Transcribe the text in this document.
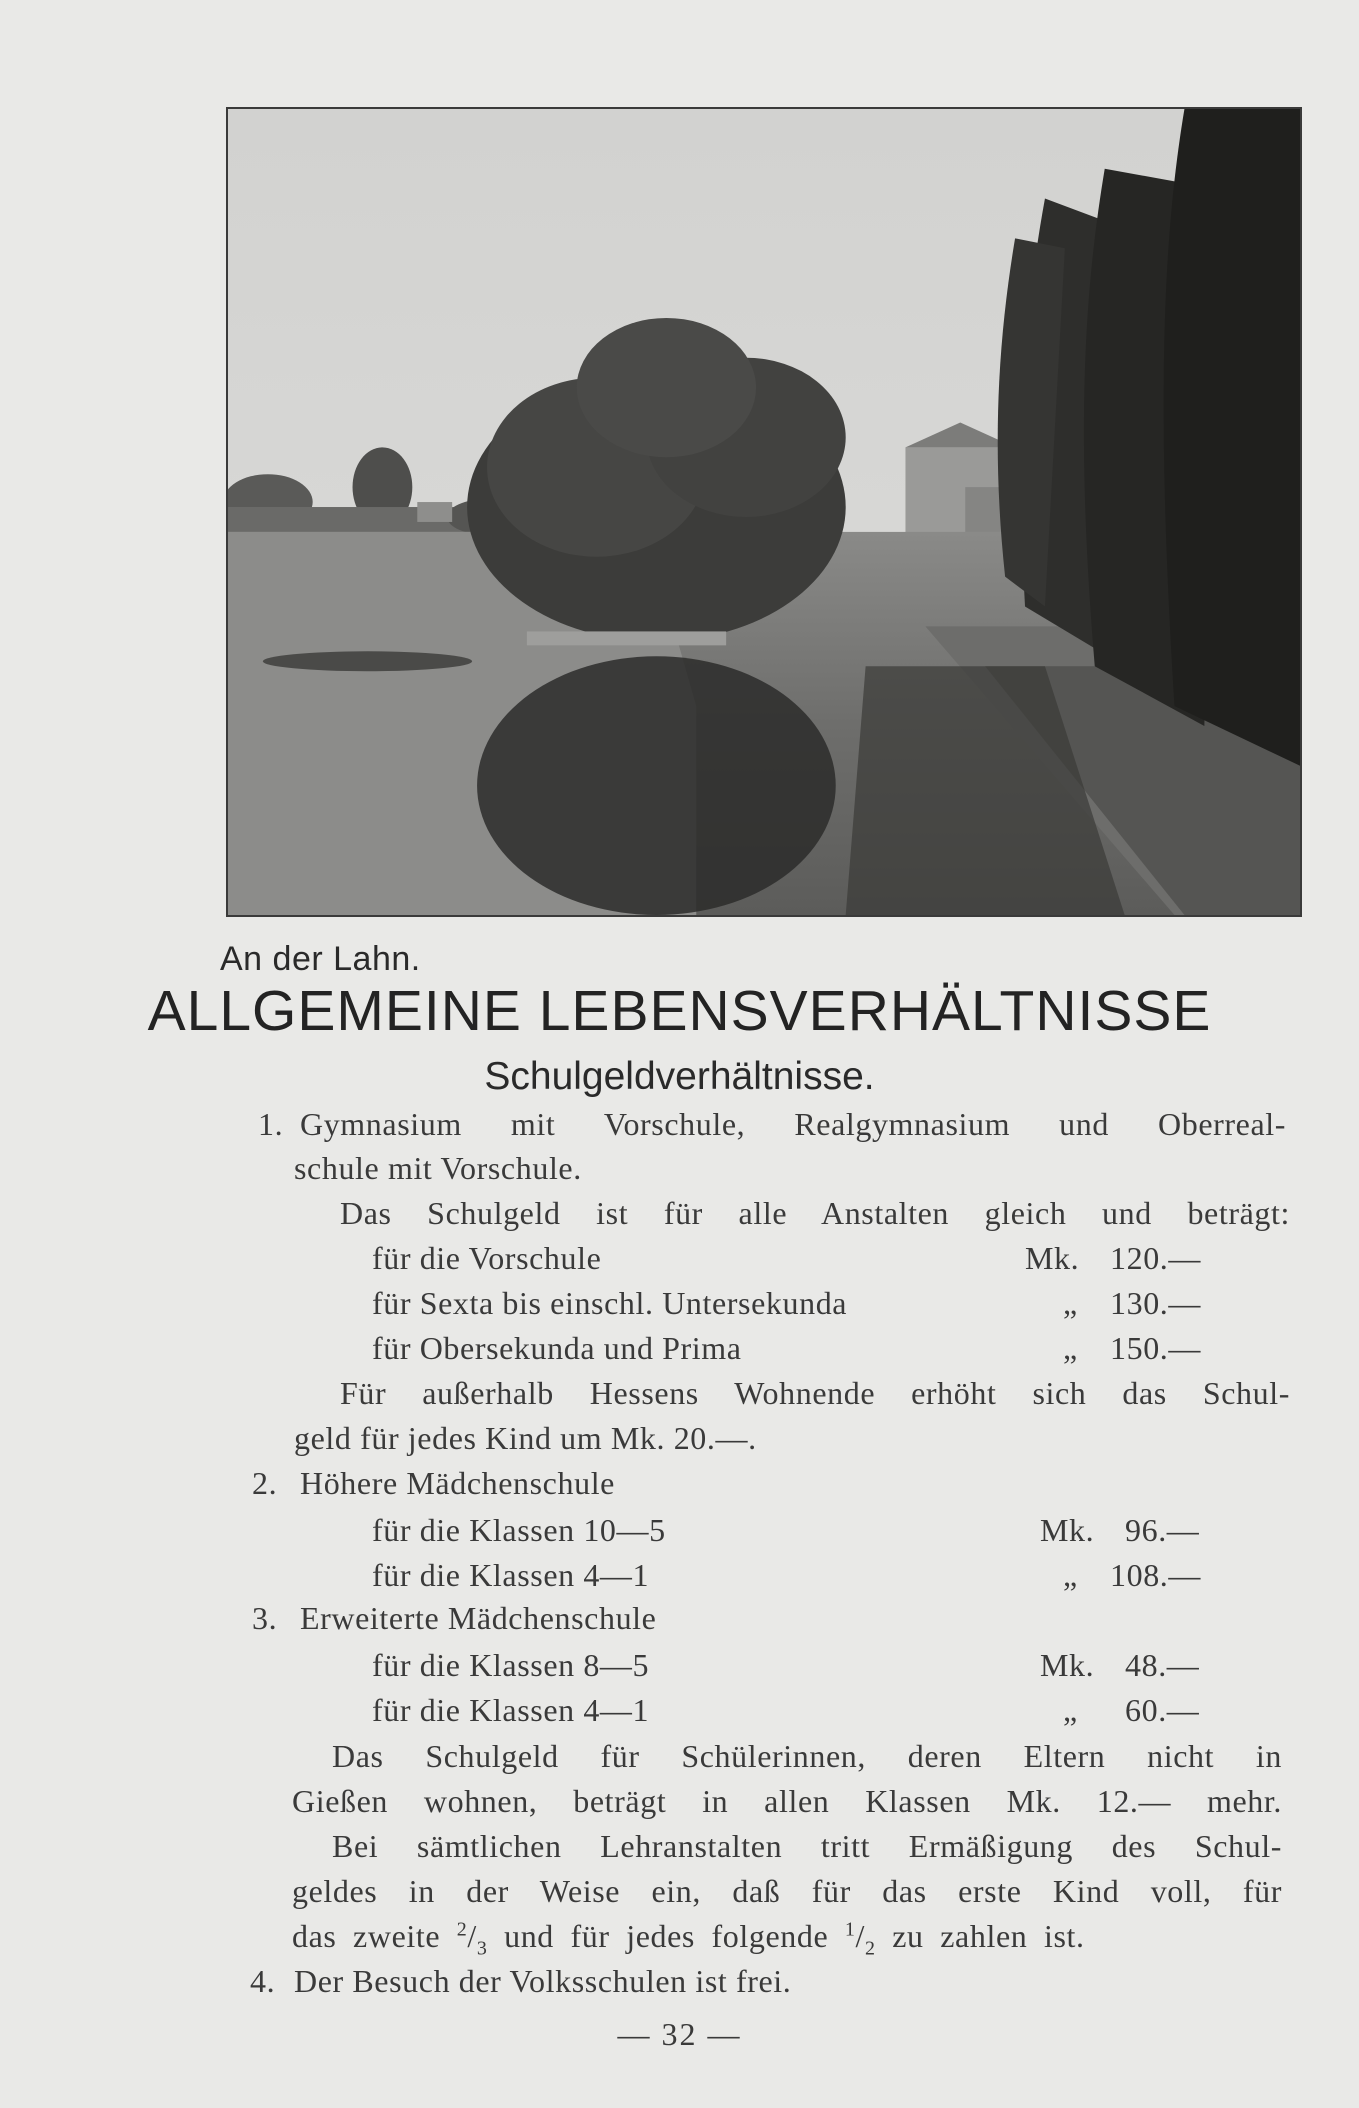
An der Lahn.
ALLGEMEINE LEBENSVERHÄLTNISSE
Schulgeldverhältnisse.
1. Gymnasium mit Vorschule, Realgymnasium und Oberreal-
schule mit Vorschule.
Das Schulgeld ist für alle Anstalten gleich und beträgt:
für die Vorschule	Mk. 120.—
für Sexta bis einschl. Untersekunda	„ 130.—
für Obersekunda und Prima	„ 150.—
Für außerhalb Hessens Wohnende erhöht sich das Schul-
geld für jedes Kind um Mk. 20.—.
2. Höhere Mädchenschule
für die Klassen 10—5	Mk. 96.—
für die Klassen 4—1	„ 108.—
3. Erweiterte Mädchenschule
für die Klassen 8—5	Mk. 48.—
für die Klassen 4—1	„ 60.—
Das Schulgeld für Schülerinnen, deren Eltern nicht in
Gießen wohnen, beträgt in allen Klassen Mk. 12.— mehr.
Bei sämtlichen Lehranstalten tritt Ermäßigung des Schul-
geldes in der Weise ein, daß für das erste Kind voll, für
das zweite $^2/_3$ und für jedes folgende $^1/_2$ zu zahlen ist.
4. Der Besuch der Volksschulen ist frei.
— 32 —
